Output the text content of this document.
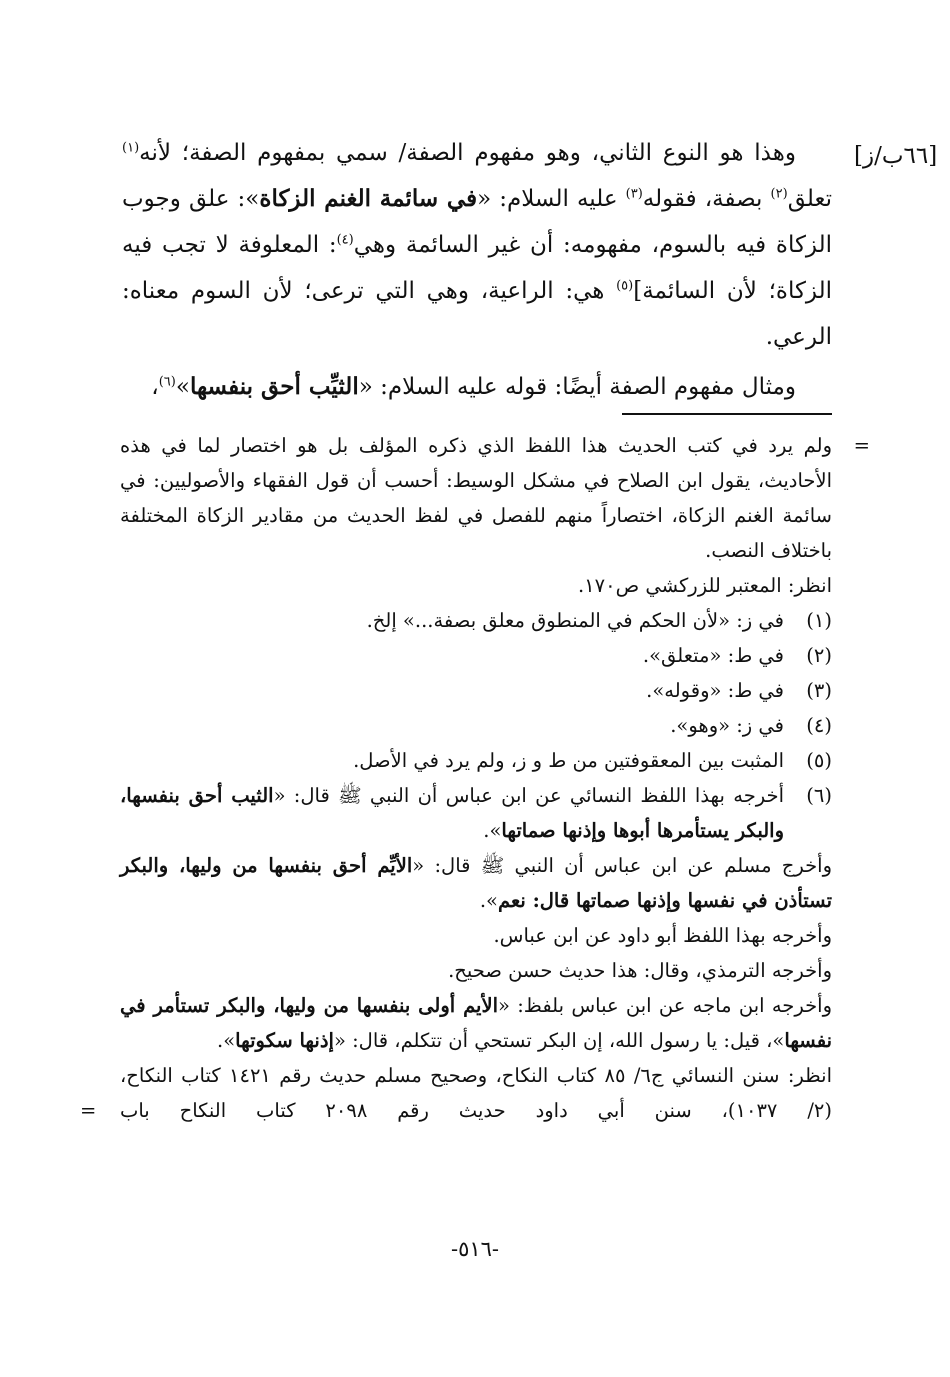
[٦٦ب/ز]

وهذا هو النوع الثاني، وهو مفهوم الصفة/ سمي بمفهوم الصفة؛ لأنه$^{(١)}$ تعلق$^{(٢)}$ بصفة، فقوله$^{(٣)}$ عليه السلام: «في سائمة الغنم الزكاة»: علق وجوب الزكاة فيه بالسوم، مفهومه: أن غير السائمة وهي$^{(٤)}$: المعلوفة لا تجب فيه الزكاة؛ لأن السائمة]$^{(٥)}$ هي: الراعية، وهي التي ترعى؛ لأن السوم معناه: الرعي.

ومثال مفهوم الصفة أيضًا: قوله عليه السلام: «الثيِّب أحق بنفسها»$^{(٦)}$،

=

ولم يرد في كتب الحديث هذا اللفظ الذي ذكره المؤلف بل هو اختصار لما في هذه الأحاديث، يقول ابن الصلاح في مشكل الوسيط: أحسب أن قول الفقهاء والأصوليين: في سائمة الغنم الزكاة، اختصاراً منهم للفصل في لفظ الحديث من مقادير الزكاة المختلفة باختلاف النصب.

انظر: المعتبر للزركشي ص١٧٠.

(١)

في ز: «لأن الحكم في المنطوق معلق بصفة...» إلخ.

(٢)

في ط: «متعلق».

(٣)

في ط: «وقوله».

(٤)

في ز: «وهو».

(٥)

المثبت بين المعقوفتين من ط و ز، ولم يرد في الأصل.

(٦)

أخرجه بهذا اللفظ النسائي عن ابن عباس أن النبي ﷺ قال: «الثيب أحق بنفسها، والبكر يستأمرها أبوها وإذنها صماتها».

وأخرج مسلم عن ابن عباس أن النبي ﷺ قال: «الأيِّم أحق بنفسها من وليها، والبكر تستأذن في نفسها وإذنها صماتها قال: نعم».

وأخرجه بهذا اللفظ أبو داود عن ابن عباس.

وأخرجه الترمذي، وقال: هذا حديث حسن صحيح.

وأخرجه ابن ماجه عن ابن عباس بلفظ: «الأيم أولى بنفسها من وليها، والبكر تستأمر في نفسها»، قيل: يا رسول الله، إن البكر تستحي أن تتكلم، قال: «إذنها سكوتها».

انظر: سنن النسائي ج٦/ ٨٥ كتاب النكاح، وصحيح مسلم حديث رقم ١٤٢١ كتاب النكاح، (٢/ ١٠٣٧)، سنن أبي داود حديث رقم ٢٠٩٨ كتاب النكاح باب
=

-٥١٦-
